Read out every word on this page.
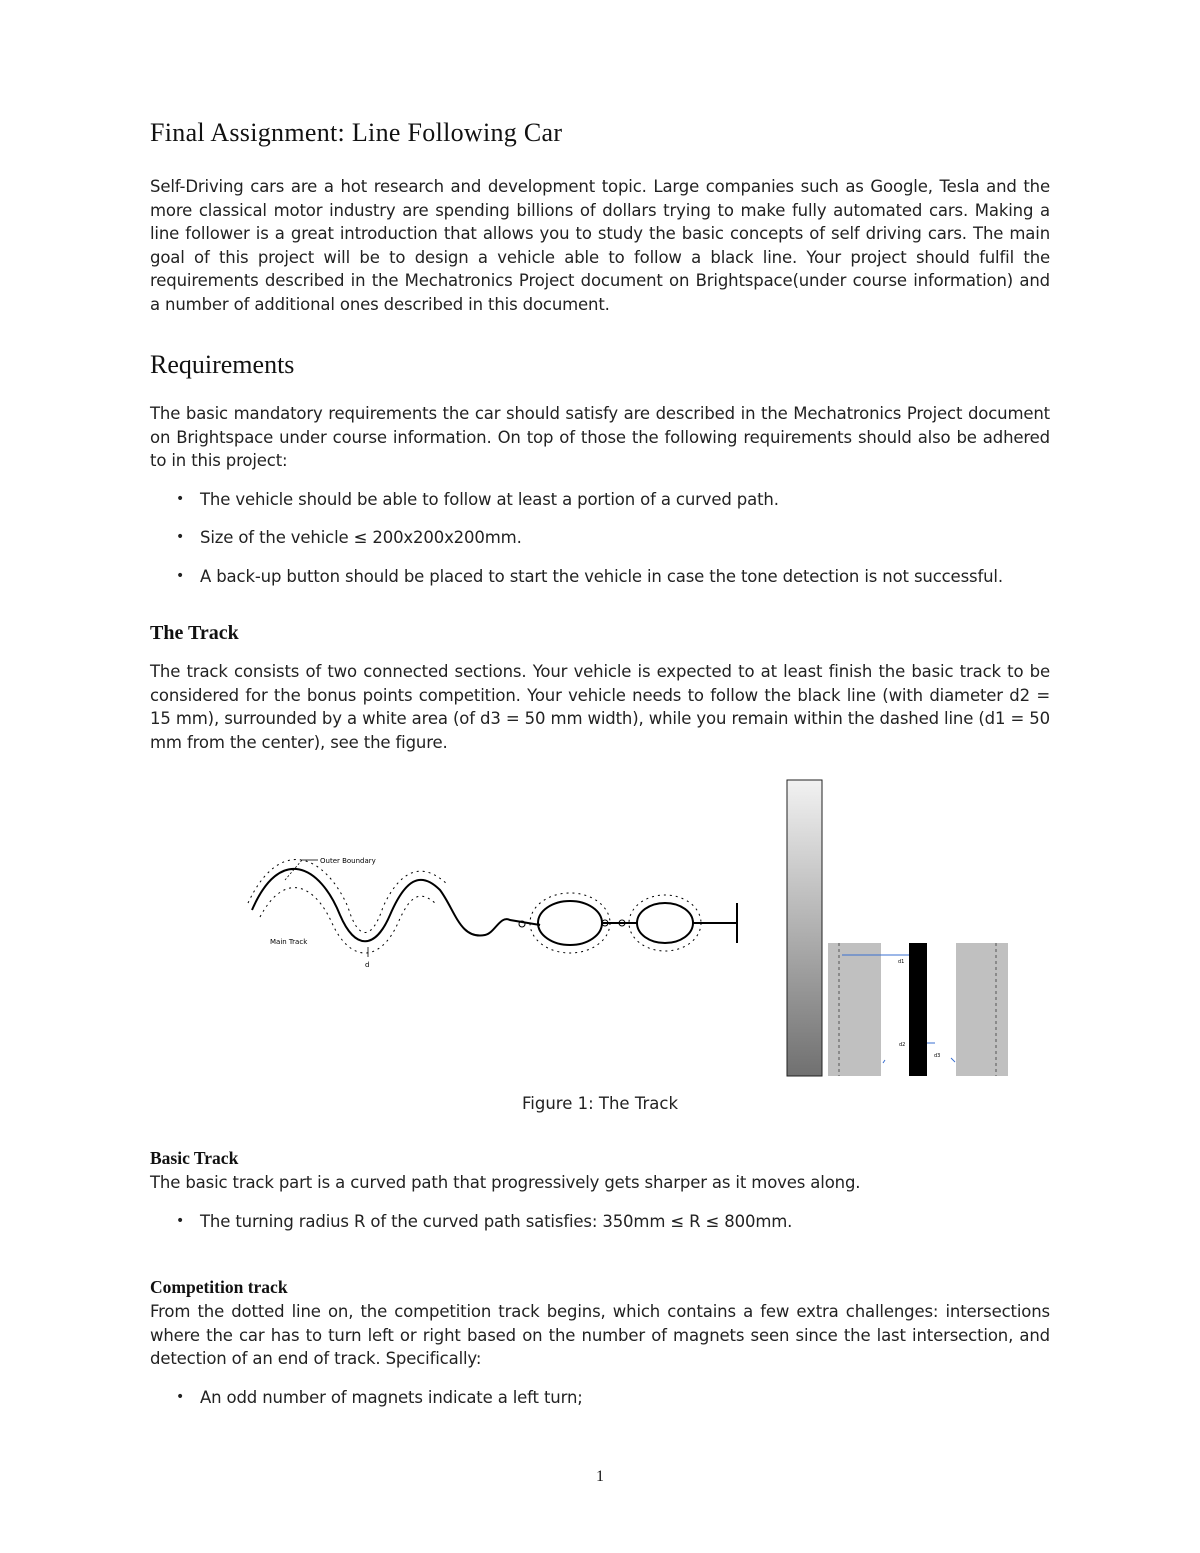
Final Assignment: Line Following Car

Self-Driving cars are a hot research and development topic. Large companies such as Google, Tesla and the more classical motor industry are spending billions of dollars trying to make fully automated cars. Making a line follower is a great introduction that allows you to study the basic concepts of self driving cars. The main goal of this project will be to design a vehicle able to follow a black line. Your project should fulfil the requirements described in the Mechatronics Project document on Brightspace(under course information) and a number of additional ones described in this document.

Requirements

The basic mandatory requirements the car should satisfy are described in the Mechatronics Project document on Brightspace under course information. On top of those the following requirements should also be adhered to in this project:

• The vehicle should be able to follow at least a portion of a curved path.
• Size of the vehicle ≤ 200x200x200mm.
• A back-up button should be placed to start the vehicle in case the tone detection is not successful.
The Track

The track consists of two connected sections. Your vehicle is expected to at least finish the basic track to be considered for the bonus points competition. Your vehicle needs to follow the black line (with diameter d2 = 15 mm), surrounded by a white area (of d3 = 50 mm width), while you remain within the dashed line (d1 = 50 mm from the center), see the figure.

Outer Boundary
Main Track
d	d1
d2
d3
Figure 1: The Track
Basic Track

The basic track part is a curved path that progressively gets sharper as it moves along.

• The turning radius R of the curved path satisfies: 350mm ≤ R ≤ 800mm.
Competition track

From the dotted line on, the competition track begins, which contains a few extra challenges: intersections where the car has to turn left or right based on the number of magnets seen since the last intersection, and detection of an end of track. Specifically:

• An odd number of magnets indicate a left turn;
1
